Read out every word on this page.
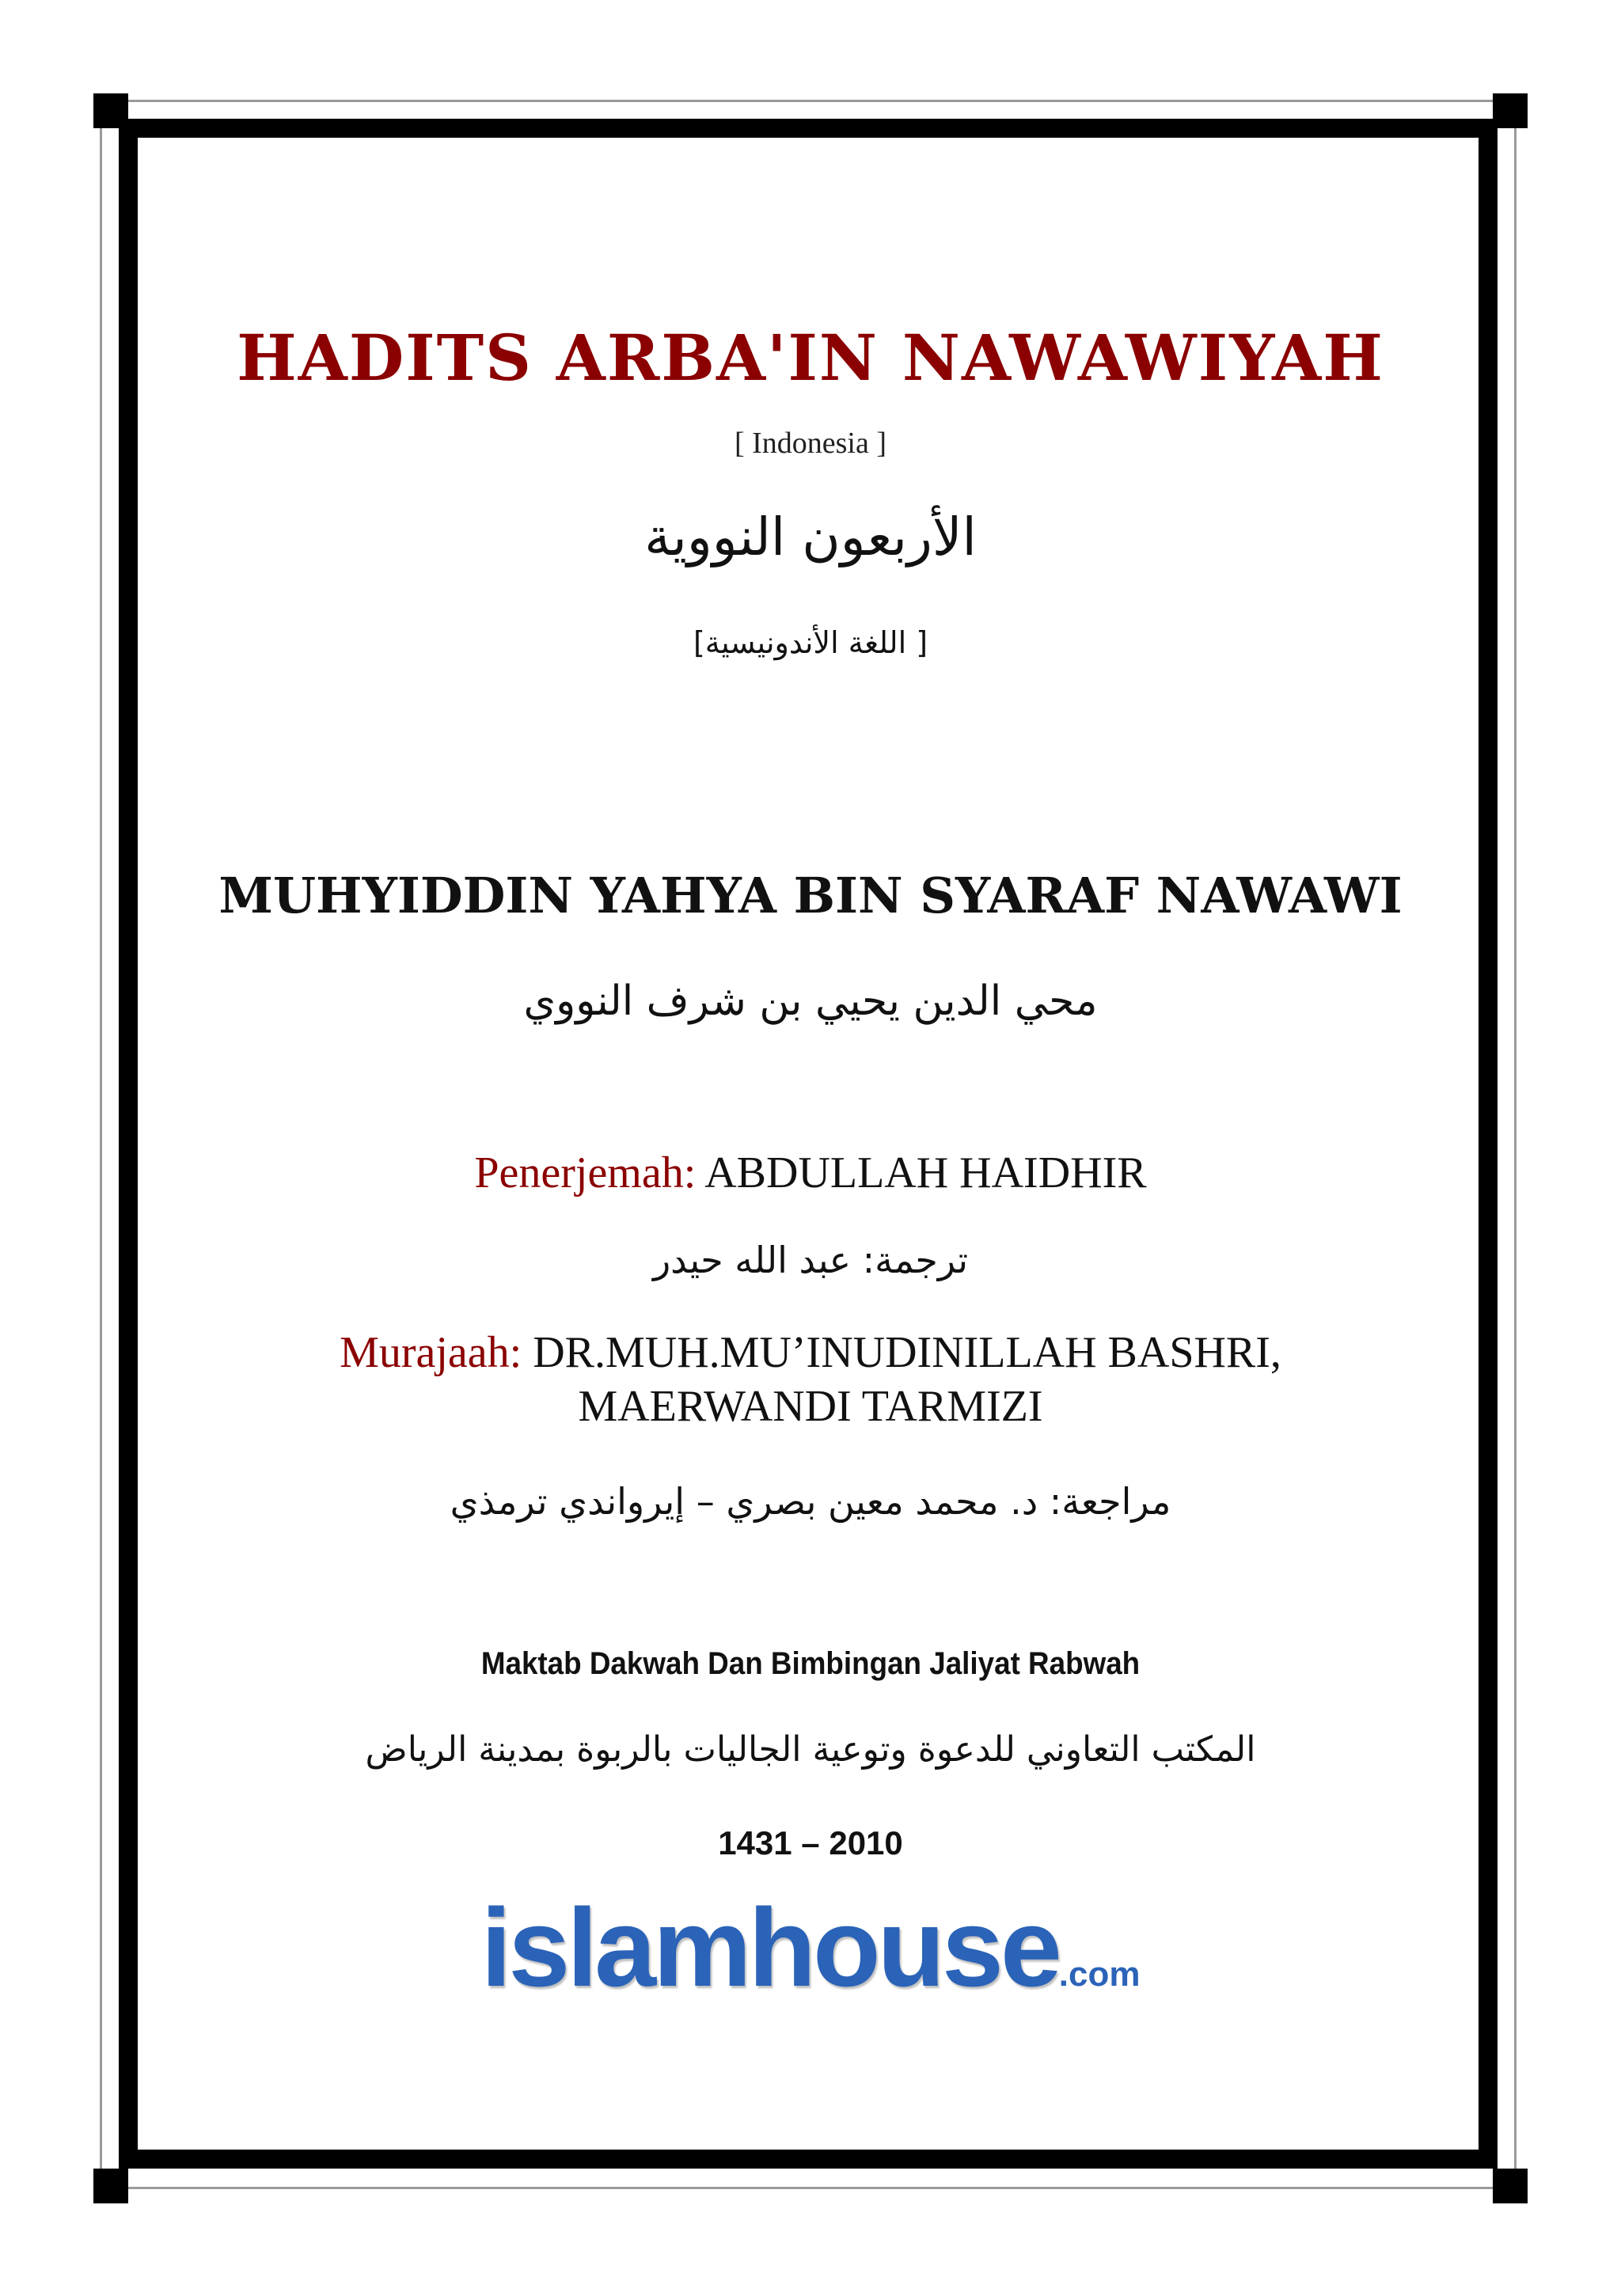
HADITS ARBA'IN NAWAWIYAH
[ Indonesia ]
الأربعون النووية
[ اللغة الأندونيسية]
MUHYIDDIN YAHYA BIN SYARAF NAWAWI
محي الدين يحيي بن شرف النووي
Penerjemah: ABDULLAH HAIDHIR
ترجمة: عبد الله حيدر
Murajaah: DR.MUH.MU’INUDINILLAH BASHRI,
MAERWANDI TARMIZI
مراجعة: د. محمد معين بصري – إيرواندي ترمذي
Maktab Dakwah Dan Bimbingan Jaliyat Rabwah
المكتب التعاوني للدعوة وتوعية الجاليات بالربوة بمدينة الرياض
1431 – 2010
islamhouse.com
